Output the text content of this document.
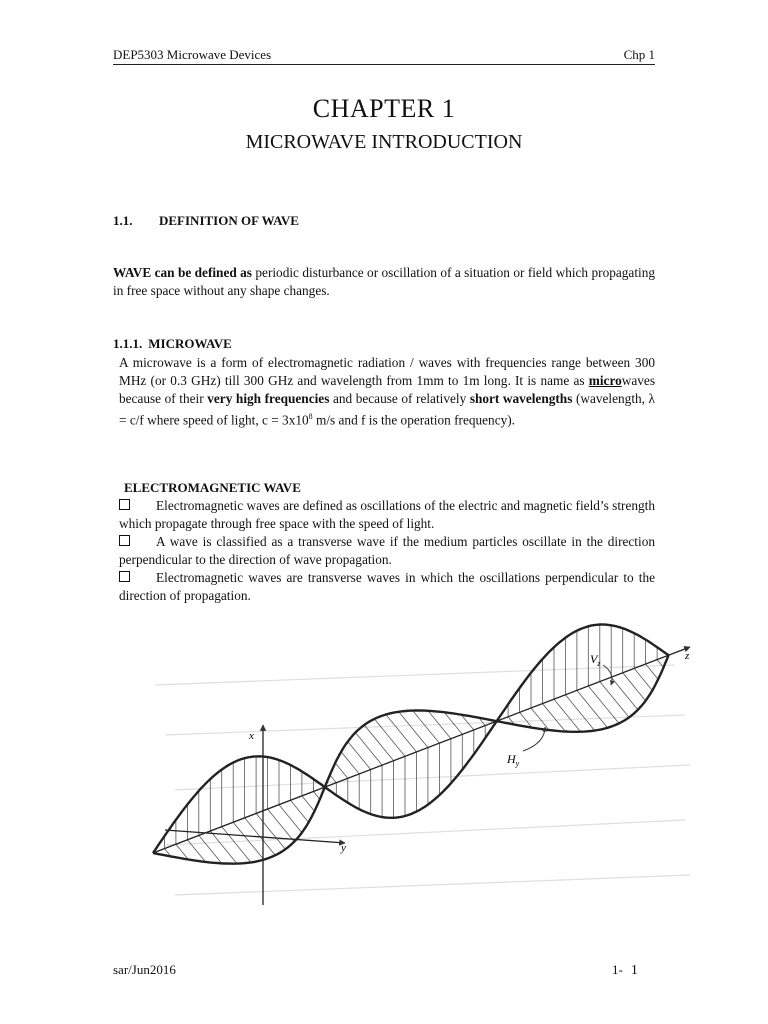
DEP5303 Microwave Devices	Chp 1
CHAPTER 1
MICROWAVE INTRODUCTION
1.1. DEFINITION OF WAVE
WAVE can be defined as periodic disturbance or oscillation of a situation or field which propagating in free space without any shape changes.
1.1.1. MICROWAVE
A microwave is a form of electromagnetic radiation / waves with frequencies range between 300 MHz (or 0.3 GHz) till 300 GHz and wavelength from 1mm to 1m long. It is name as microwaves because of their very high frequencies and because of relatively short wavelengths (wavelength, λ = c/f where speed of light, $c = 3x10^8$ m/s and f is the operation frequency).
ELECTROMAGNETIC WAVE
Electromagnetic waves are defined as oscillations of the electric and magnetic field’s strength which propagate through free space with the speed of light.
A wave is classified as a transverse wave if the medium particles oscillate in the direction perpendicular to the direction of wave propagation.
Electromagnetic waves are transverse waves in which the oscillations perpendicular to the direction of propagation.
x
y
z
$V_z$
$H_y$
sar/Jun2016	1- 1
